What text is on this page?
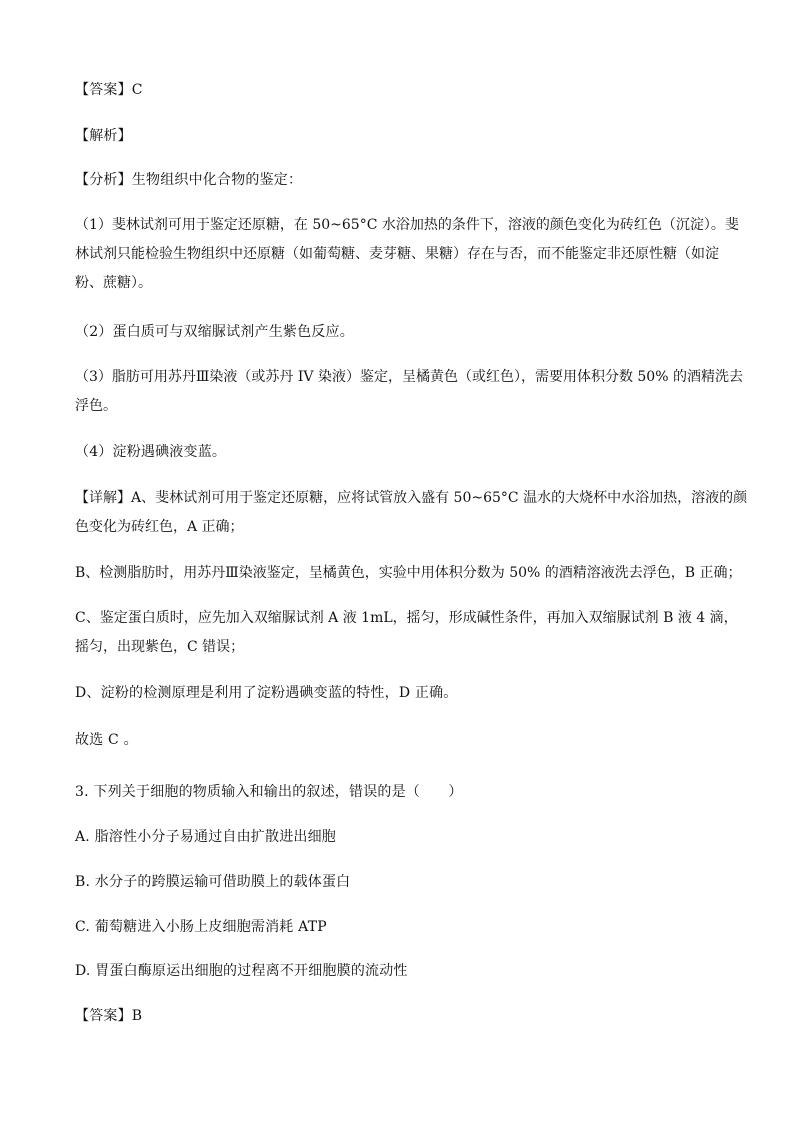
【答案】C

【解析】

【分析】生物组织中化合物的鉴定：

（1）斐林试剂可用于鉴定还原糖，在 50~65°C 水浴加热的条件下，溶液的颜色变化为砖红色（沉淀）。斐
林试剂只能检验生物组织中还原糖（如葡萄糖、麦芽糖、果糖）存在与否，而不能鉴定非还原性糖（如淀
粉、蔗糖）。

（2）蛋白质可与双缩脲试剂产生紫色反应。

（3）脂肪可用苏丹Ⅲ染液（或苏丹 IV 染液）鉴定，呈橘黄色（或红色），需要用体积分数 50% 的酒精洗去
浮色。

（4）淀粉遇碘液变蓝。

【详解】A、斐林试剂可用于鉴定还原糖，应将试管放入盛有 50~65°C 温水的大烧杯中水浴加热，溶液的颜
色变化为砖红色，A 正确；

B、检测脂肪时，用苏丹Ⅲ染液鉴定，呈橘黄色，实验中用体积分数为 50% 的酒精溶液洗去浮色，B 正确；

C、鉴定蛋白质时，应先加入双缩脲试剂 A 液 1mL，摇匀，形成碱性条件，再加入双缩脲试剂 B 液 4 滴，
摇匀，出现紫色，C 错误；

D、淀粉的检测原理是利用了淀粉遇碘变蓝的特性，D 正确。

故选 C 。

3. 下列关于细胞的物质输入和输出的叙述，错误的是（　　）

A. 脂溶性小分子易通过自由扩散进出细胞

B. 水分子的跨膜运输可借助膜上的载体蛋白

C. 葡萄糖进入小肠上皮细胞需消耗 ATP

D. 胃蛋白酶原运出细胞的过程离不开细胞膜的流动性

【答案】B
